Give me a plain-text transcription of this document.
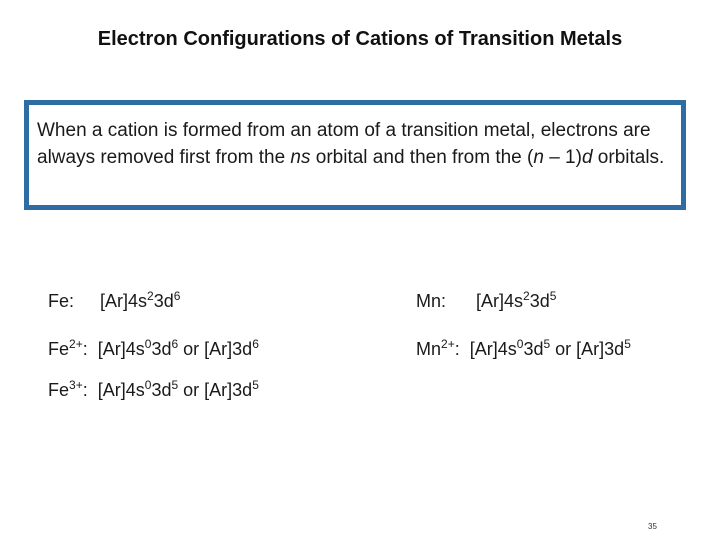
Electron Configurations of Cations of Transition Metals
When a cation is formed from an atom of a transition metal, electrons are always removed first from the ns orbital and then from the (n – 1)d orbitals.
Fe: $[Ar]4s^23d^6$
$Fe^{2+}$: $[Ar]4s^03d^6$ or $[Ar]3d^6$
$Fe^{3+}$: $[Ar]4s^03d^5$ or $[Ar]3d^5$
Mn: $[Ar]4s^23d^5$
$Mn^{2+}$: $[Ar]4s^03d^5$ or $[Ar]3d^5$
35
